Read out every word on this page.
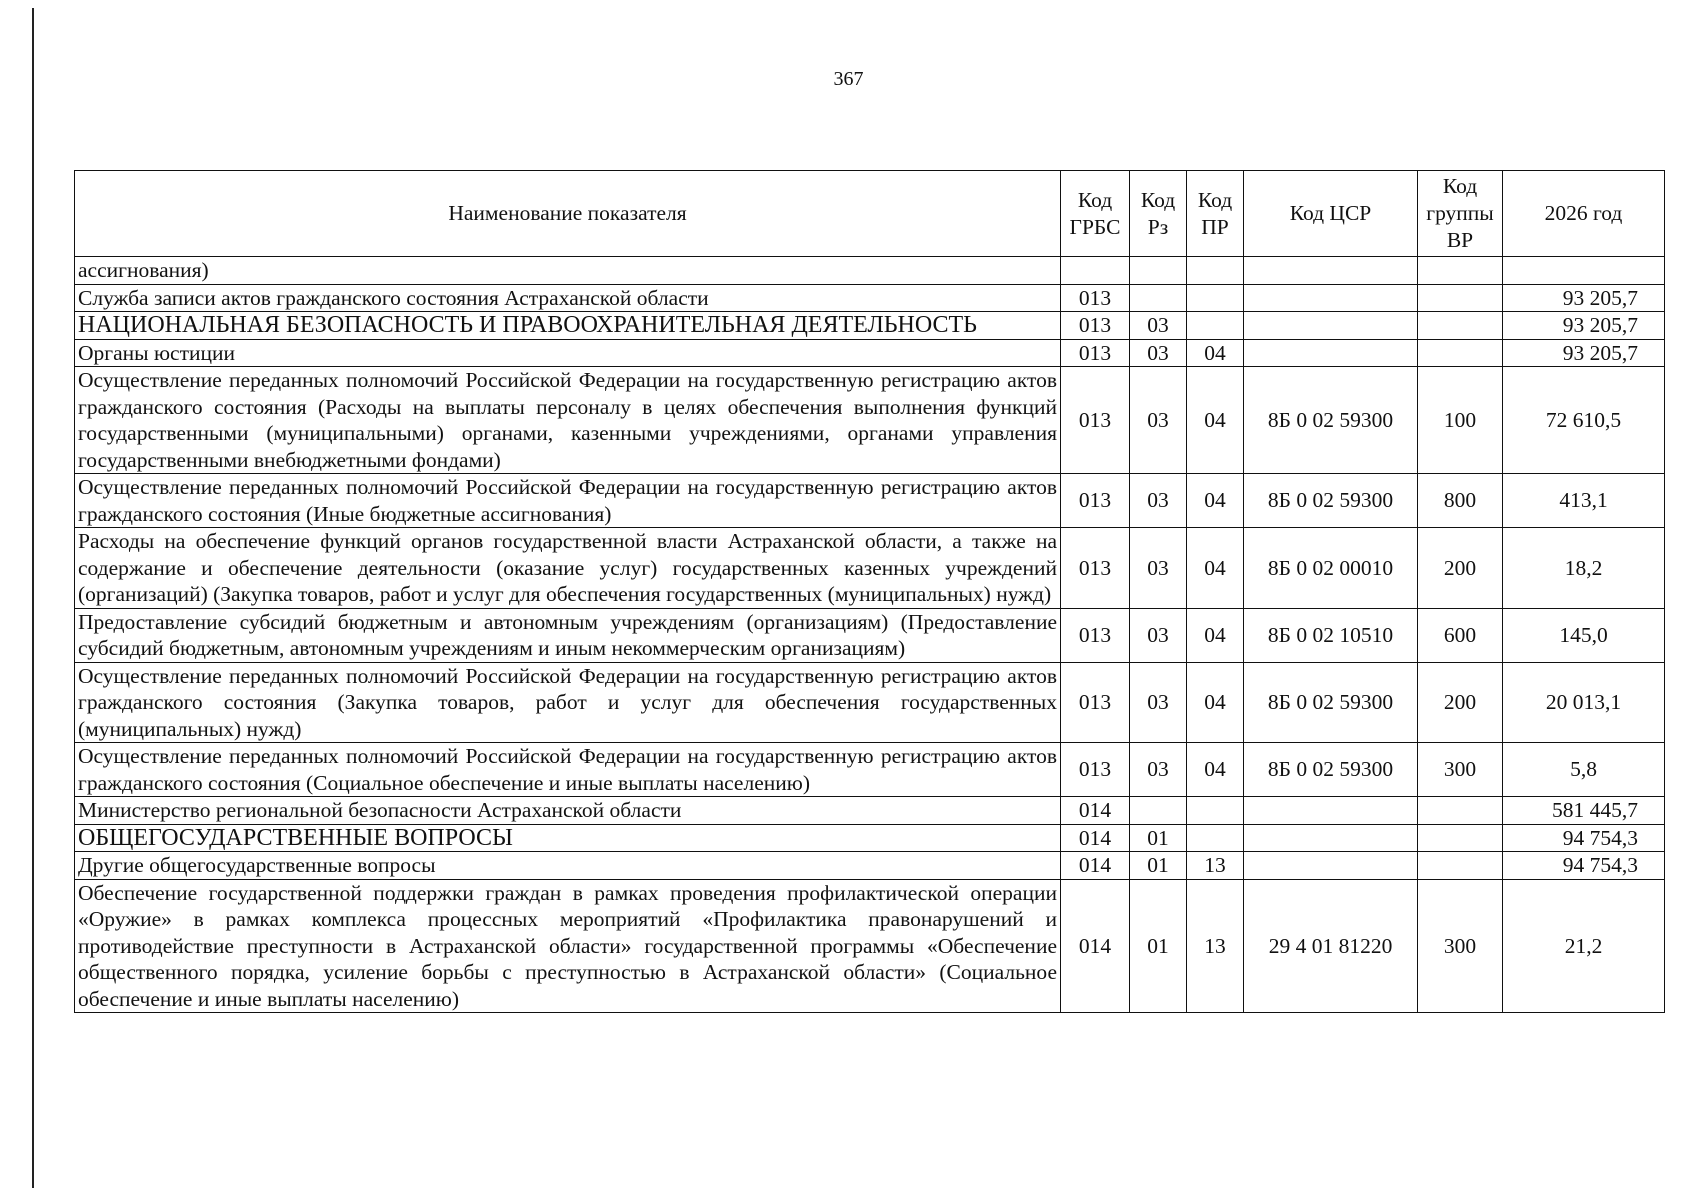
367
Наименование показателя	Код ГРБС	Код Рз	Код ПР	Код ЦСР	Код группы ВР	2026 год
ассигнования)						
Служба записи актов гражданского состояния Астраханской области	013					93 205,7
НАЦИОНАЛЬНАЯ БЕЗОПАСНОСТЬ И ПРАВООХРАНИТЕЛЬНАЯ ДЕЯТЕЛЬНОСТЬ	013	03				93 205,7
Органы юстиции	013	03	04			93 205,7
Осуществление переданных полномочий Российской Федерации на государственную регистрацию актов гражданского состояния (Расходы на выплаты персоналу в целях обеспечения выполнения функций государственными (муниципальными) органами, казенными учреждениями, органами управления государственными внебюджетными фондами)	013	03	04	8Б 0 02 59300	100	72 610,5
Осуществление переданных полномочий Российской Федерации на государственную регистрацию актов гражданского состояния (Иные бюджетные ассигнования)	013	03	04	8Б 0 02 59300	800	413,1
Расходы на обеспечение функций органов государственной власти Астраханской области, а также на содержание и обеспечение деятельности (оказание услуг) государственных казенных учреждений (организаций) (Закупка товаров, работ и услуг для обеспечения государственных (муниципальных) нужд)	013	03	04	8Б 0 02 00010	200	18,2
Предоставление субсидий бюджетным и автономным учреждениям (организациям) (Предоставление субсидий бюджетным, автономным учреждениям и иным некоммерческим организациям)	013	03	04	8Б 0 02 10510	600	145,0
Осуществление переданных полномочий Российской Федерации на государственную регистрацию актов гражданского состояния (Закупка товаров, работ и услуг для обеспечения государственных (муниципальных) нужд)	013	03	04	8Б 0 02 59300	200	20 013,1
Осуществление переданных полномочий Российской Федерации на государственную регистрацию актов гражданского состояния (Социальное обеспечение и иные выплаты населению)	013	03	04	8Б 0 02 59300	300	5,8
Министерство региональной безопасности Астраханской области	014					581 445,7
ОБЩЕГОСУДАРСТВЕННЫЕ ВОПРОСЫ	014	01				94 754,3
Другие общегосударственные вопросы	014	01	13			94 754,3
Обеспечение государственной поддержки граждан в рамках проведения профилактической операции «Оружие» в рамках комплекса процессных мероприятий «Профилактика правонарушений и противодействие преступности в Астраханской области» государственной программы «Обеспечение общественного порядка, усиление борьбы с преступностью в Астраханской области» (Социальное обеспечение и иные выплаты населению)	014	01	13	29 4 01 81220	300	21,2
